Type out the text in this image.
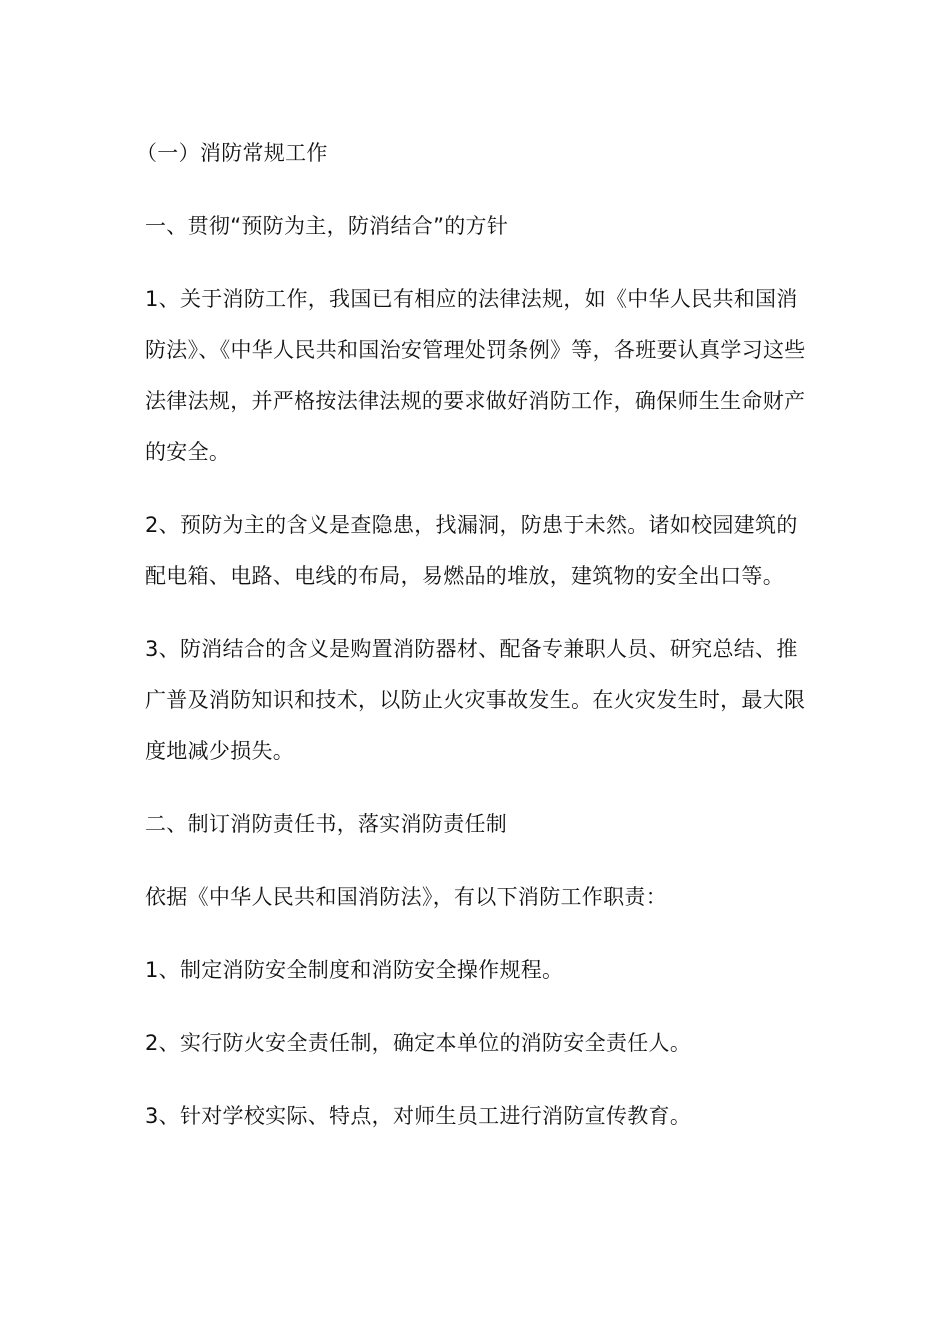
（一）消防常规工作

一、贯彻“预防为主，防消结合”的方针

1、关于消防工作，我国已有相应的法律法规，如《中华人民共和国消防法》、《中华人民共和国治安管理处罚条例》等，各班要认真学习这些法律法规，并严格按法律法规的要求做好消防工作，确保师生生命财产的安全。

2、预防为主的含义是查隐患，找漏洞，防患于未然。诸如校园建筑的配电箱、电路、电线的布局，易燃品的堆放，建筑物的安全出口等。

3、防消结合的含义是购置消防器材、配备专兼职人员、研究总结、推广普及消防知识和技术，以防止火灾事故发生。在火灾发生时，最大限度地减少损失。

二、制订消防责任书，落实消防责任制

依据《中华人民共和国消防法》，有以下消防工作职责：

1、制定消防安全制度和消防安全操作规程。

2、实行防火安全责任制，确定本单位的消防安全责任人。

3、针对学校实际、特点，对师生员工进行消防宣传教育。
